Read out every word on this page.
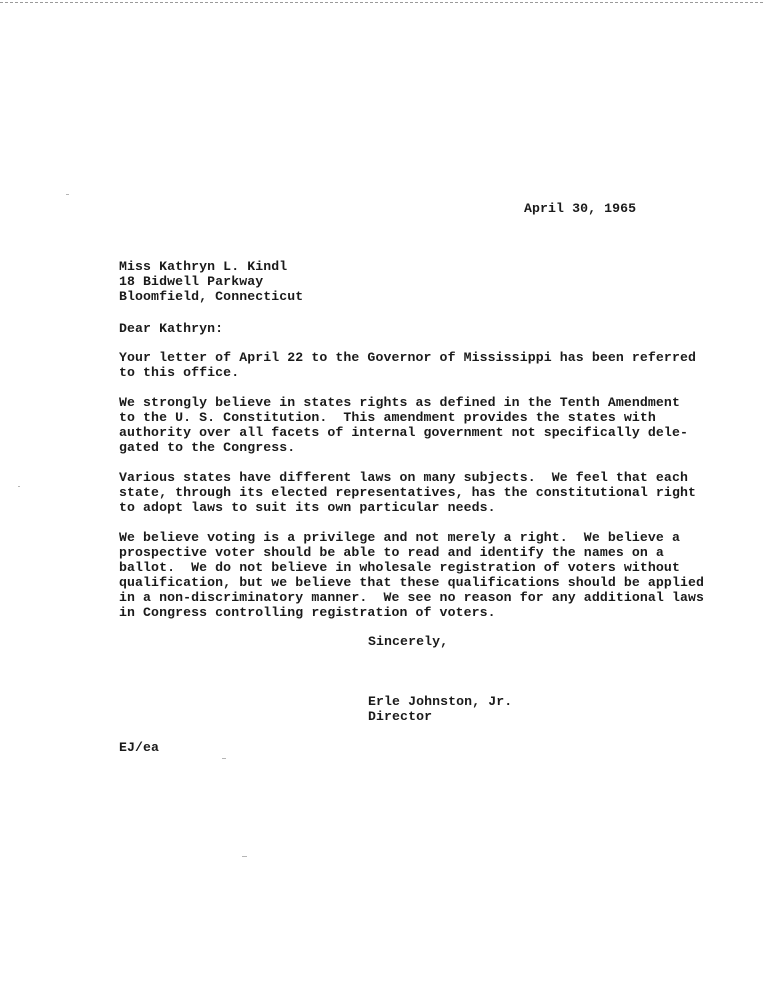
April 30, 1965
Miss Kathryn L. Kindl
18 Bidwell Parkway
Bloomfield, Connecticut
Dear Kathryn:
Your letter of April 22 to the Governor of Mississippi has been referred
to this office.
We strongly believe in states rights as defined in the Tenth Amendment
to the U. S. Constitution.  This amendment provides the states with
authority over all facets of internal government not specifically dele-
gated to the Congress.
Various states have different laws on many subjects.  We feel that each
state, through its elected representatives, has the constitutional right
to adopt laws to suit its own particular needs.
We believe voting is a privilege and not merely a right.  We believe a
prospective voter should be able to read and identify the names on a
ballot.  We do not believe in wholesale registration of voters without
qualification, but we believe that these qualifications should be applied
in a non-discriminatory manner.  We see no reason for any additional laws
in Congress controlling registration of voters.
Sincerely,
Erle Johnston, Jr.
Director
EJ/ea
